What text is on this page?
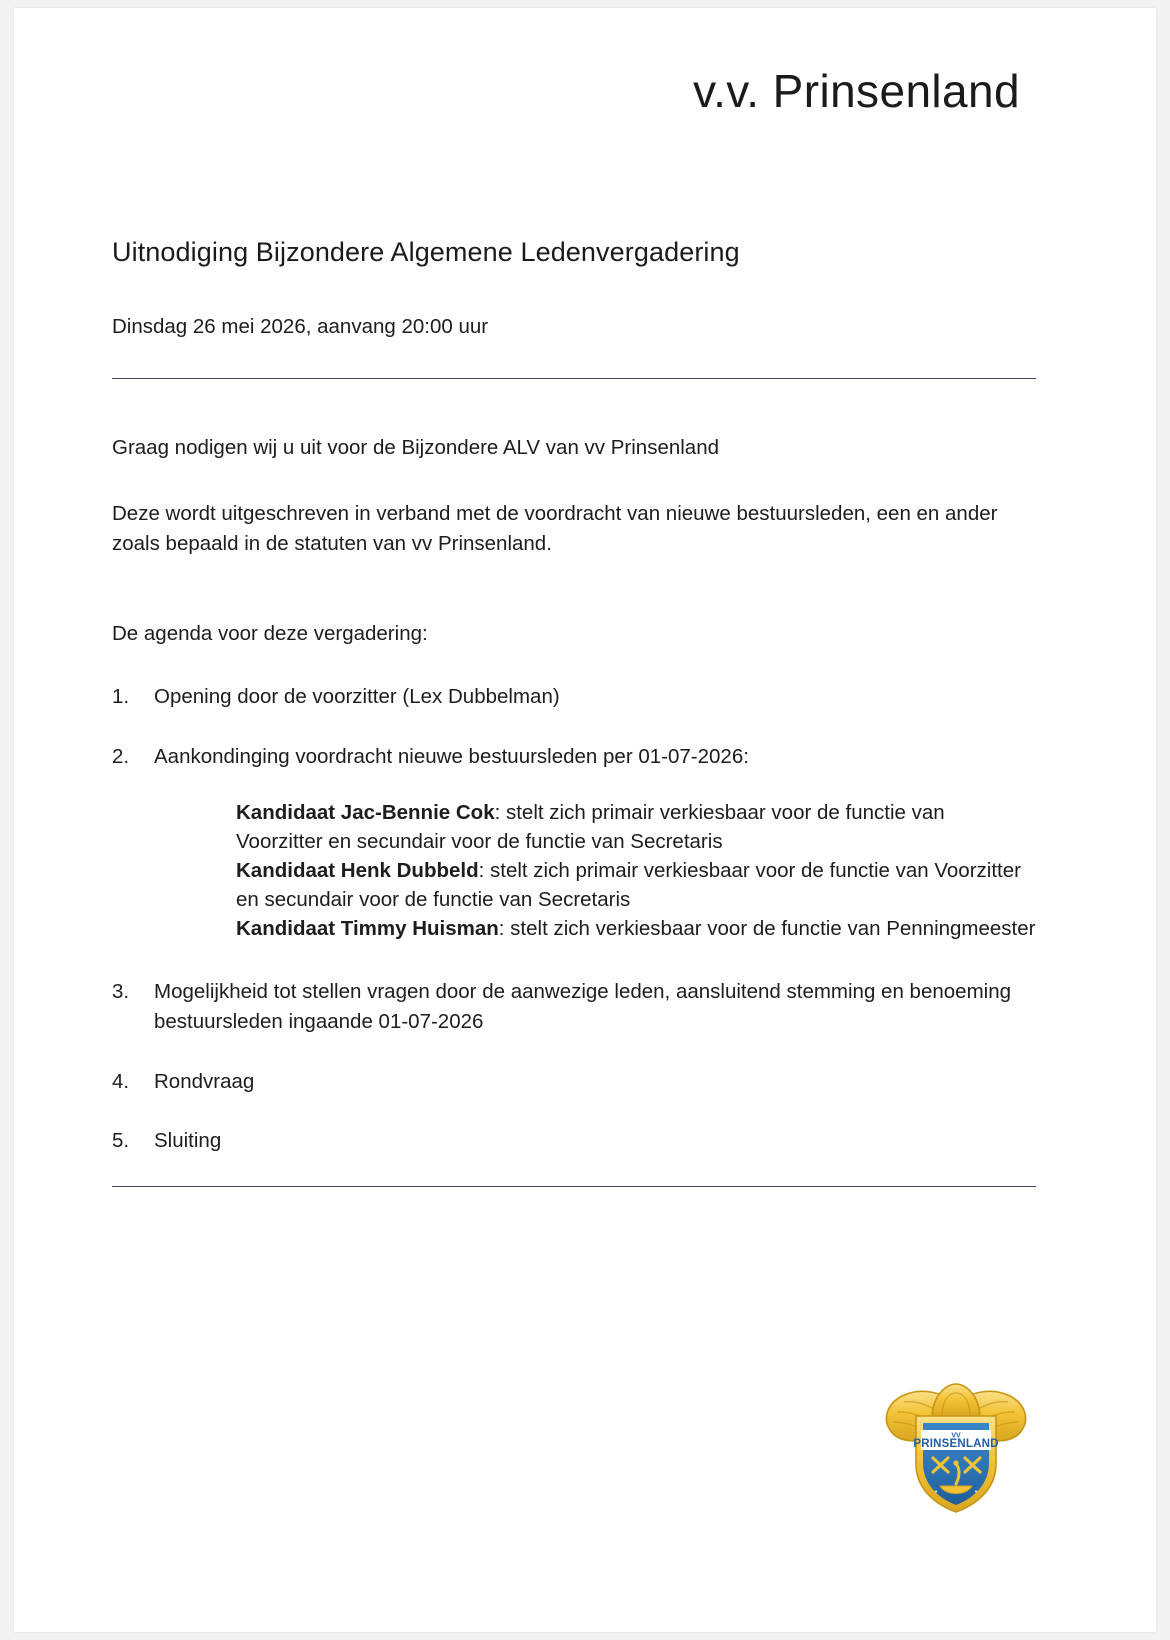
v.v. Prinsenland
Uitnodiging Bijzondere Algemene Ledenvergadering
Dinsdag 26 mei 2026, aanvang 20:00 uur

Graag nodigen wij u uit voor de Bijzondere ALV van vv Prinsenland

Deze wordt uitgeschreven in verband met de voordracht van nieuwe bestuursleden, een en ander zoals bepaald in de statuten van vv Prinsenland.

De agenda voor deze vergadering:

1.	Opening door de voorzitter (Lex Dubbelman)
2.	Aankondinging voordracht nieuwe bestuursleden per 01-07-2026:

Kandidaat Jac-Bennie Cok: stelt zich primair verkiesbaar voor de functie van Voorzitter en secundair voor de functie van Secretaris

Kandidaat Henk Dubbeld: stelt zich primair verkiesbaar voor de functie van Voorzitter en secundair voor de functie van Secretaris

Kandidaat Timmy Huisman: stelt zich verkiesbaar voor de functie van Penningmeester

3.	Mogelijkheid tot stellen vragen door de aanwezige leden, aansluitend stemming en benoeming bestuursleden ingaande 01-07-2026
4.	Rondvraag
5.	Sluiting
VV
PRINSENLAND
●	●
